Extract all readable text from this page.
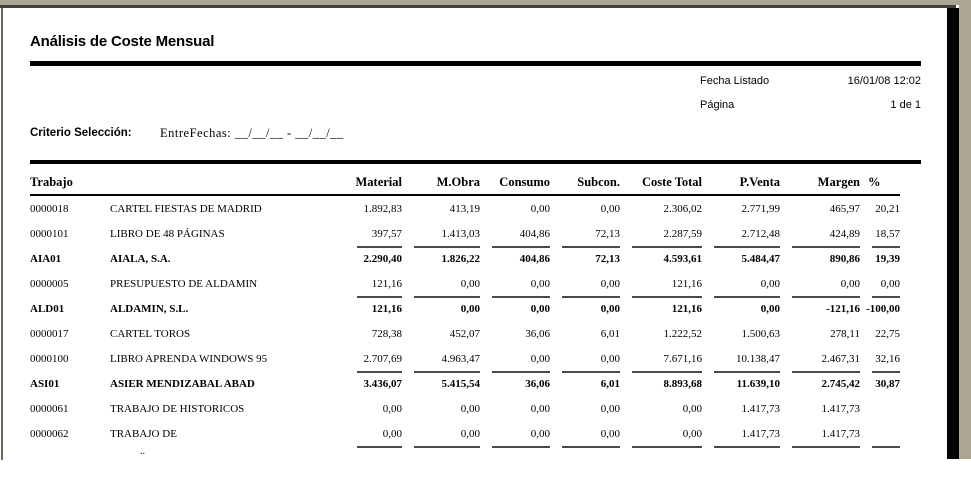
Análisis de Coste Mensual
Fecha Listado	16/01/08 12:02
Página	1 de 1
Criterio Selección: EntreFechas: __/__/__ - __/__/__
Trabajo		Material	M.Obra	Consumo	Subcon.	Coste Total	P.Venta	Margen	%
0000018	CARTEL FIESTAS DE MADRID	1.892,83	413,19	0,00	0,00	2.306,02	2.771,99	465,97	20,21
0000101	LIBRO DE 48 PÁGINAS	397,57	1.413,03	404,86	72,13	2.287,59	2.712,48	424,89	18,57
AIA01	AIALA, S.A.	2.290,40	1.826,22	404,86	72,13	4.593,61	5.484,47	890,86	19,39
0000005	PRESUPUESTO DE ALDAMIN	121,16	0,00	0,00	0,00	121,16	0,00	0,00	0,00
ALD01	ALDAMIN, S.L.	121,16	0,00	0,00	0,00	121,16	0,00	-121,16	-100,00
0000017	CARTEL TOROS	728,38	452,07	36,06	6,01	1.222,52	1.500,63	278,11	22,75
0000100	LIBRO APRENDA WINDOWS 95	2.707,69	4.963,47	0,00	0,00	7.671,16	10.138,47	2.467,31	32,16
ASI01	ASIER MENDIZABAL ABAD	3.436,07	5.415,54	36,06	6,01	8.893,68	11.639,10	2.745,42	30,87
0000061	TRABAJO DE HISTORICOS	0,00	0,00	0,00	0,00	0,00	1.417,73	1.417,73	
0000062	TRABAJO DE	0,00	0,00	0,00	0,00	0,00	1.417,73	1.417,73	
	..								
